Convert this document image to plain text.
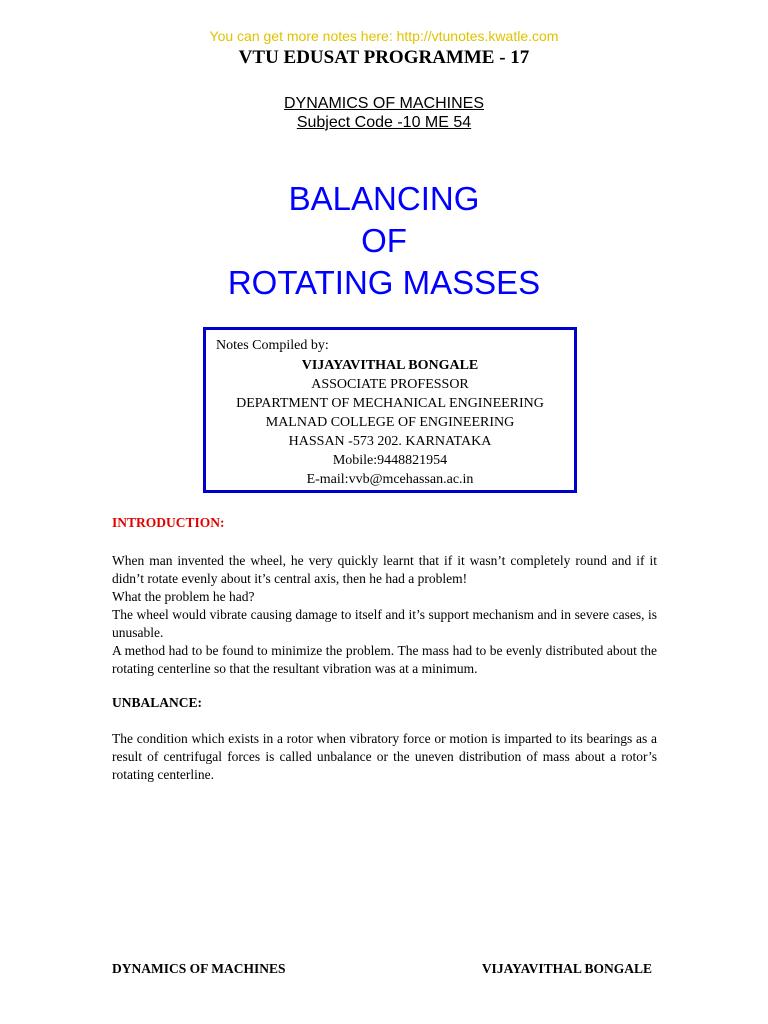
You can get more notes here: http://vtunotes.kwatle.com
VTU EDUSAT PROGRAMME - 17
DYNAMICS OF MACHINES
Subject Code -10 ME 54
BALANCING
OF
ROTATING MASSES
Notes Compiled by:
VIJAYAVITHAL BONGALE
ASSOCIATE PROFESSOR
DEPARTMENT OF MECHANICAL ENGINEERING
MALNAD COLLEGE OF ENGINEERING
HASSAN -573 202. KARNATAKA
Mobile:9448821954
E-mail:vvb@mcehassan.ac.in
INTRODUCTION:

When man invented the wheel, he very quickly learnt that if it wasn’t completely round and if it didn’t rotate evenly about it’s central axis, then he had a problem!

What the problem he had?

The wheel would vibrate causing damage to itself and it’s support mechanism and in severe cases, is unusable.

A method had to be found to minimize the problem. The mass had to be evenly distributed about the rotating centerline so that the resultant vibration was at a minimum.

UNBALANCE:

The condition which exists in a rotor when vibratory force or motion is imparted to its bearings as a result of centrifugal forces is called unbalance or the uneven distribution of mass about a rotor’s rotating centerline.

DYNAMICS OF MACHINES	VIJAYAVITHAL BONGALE
